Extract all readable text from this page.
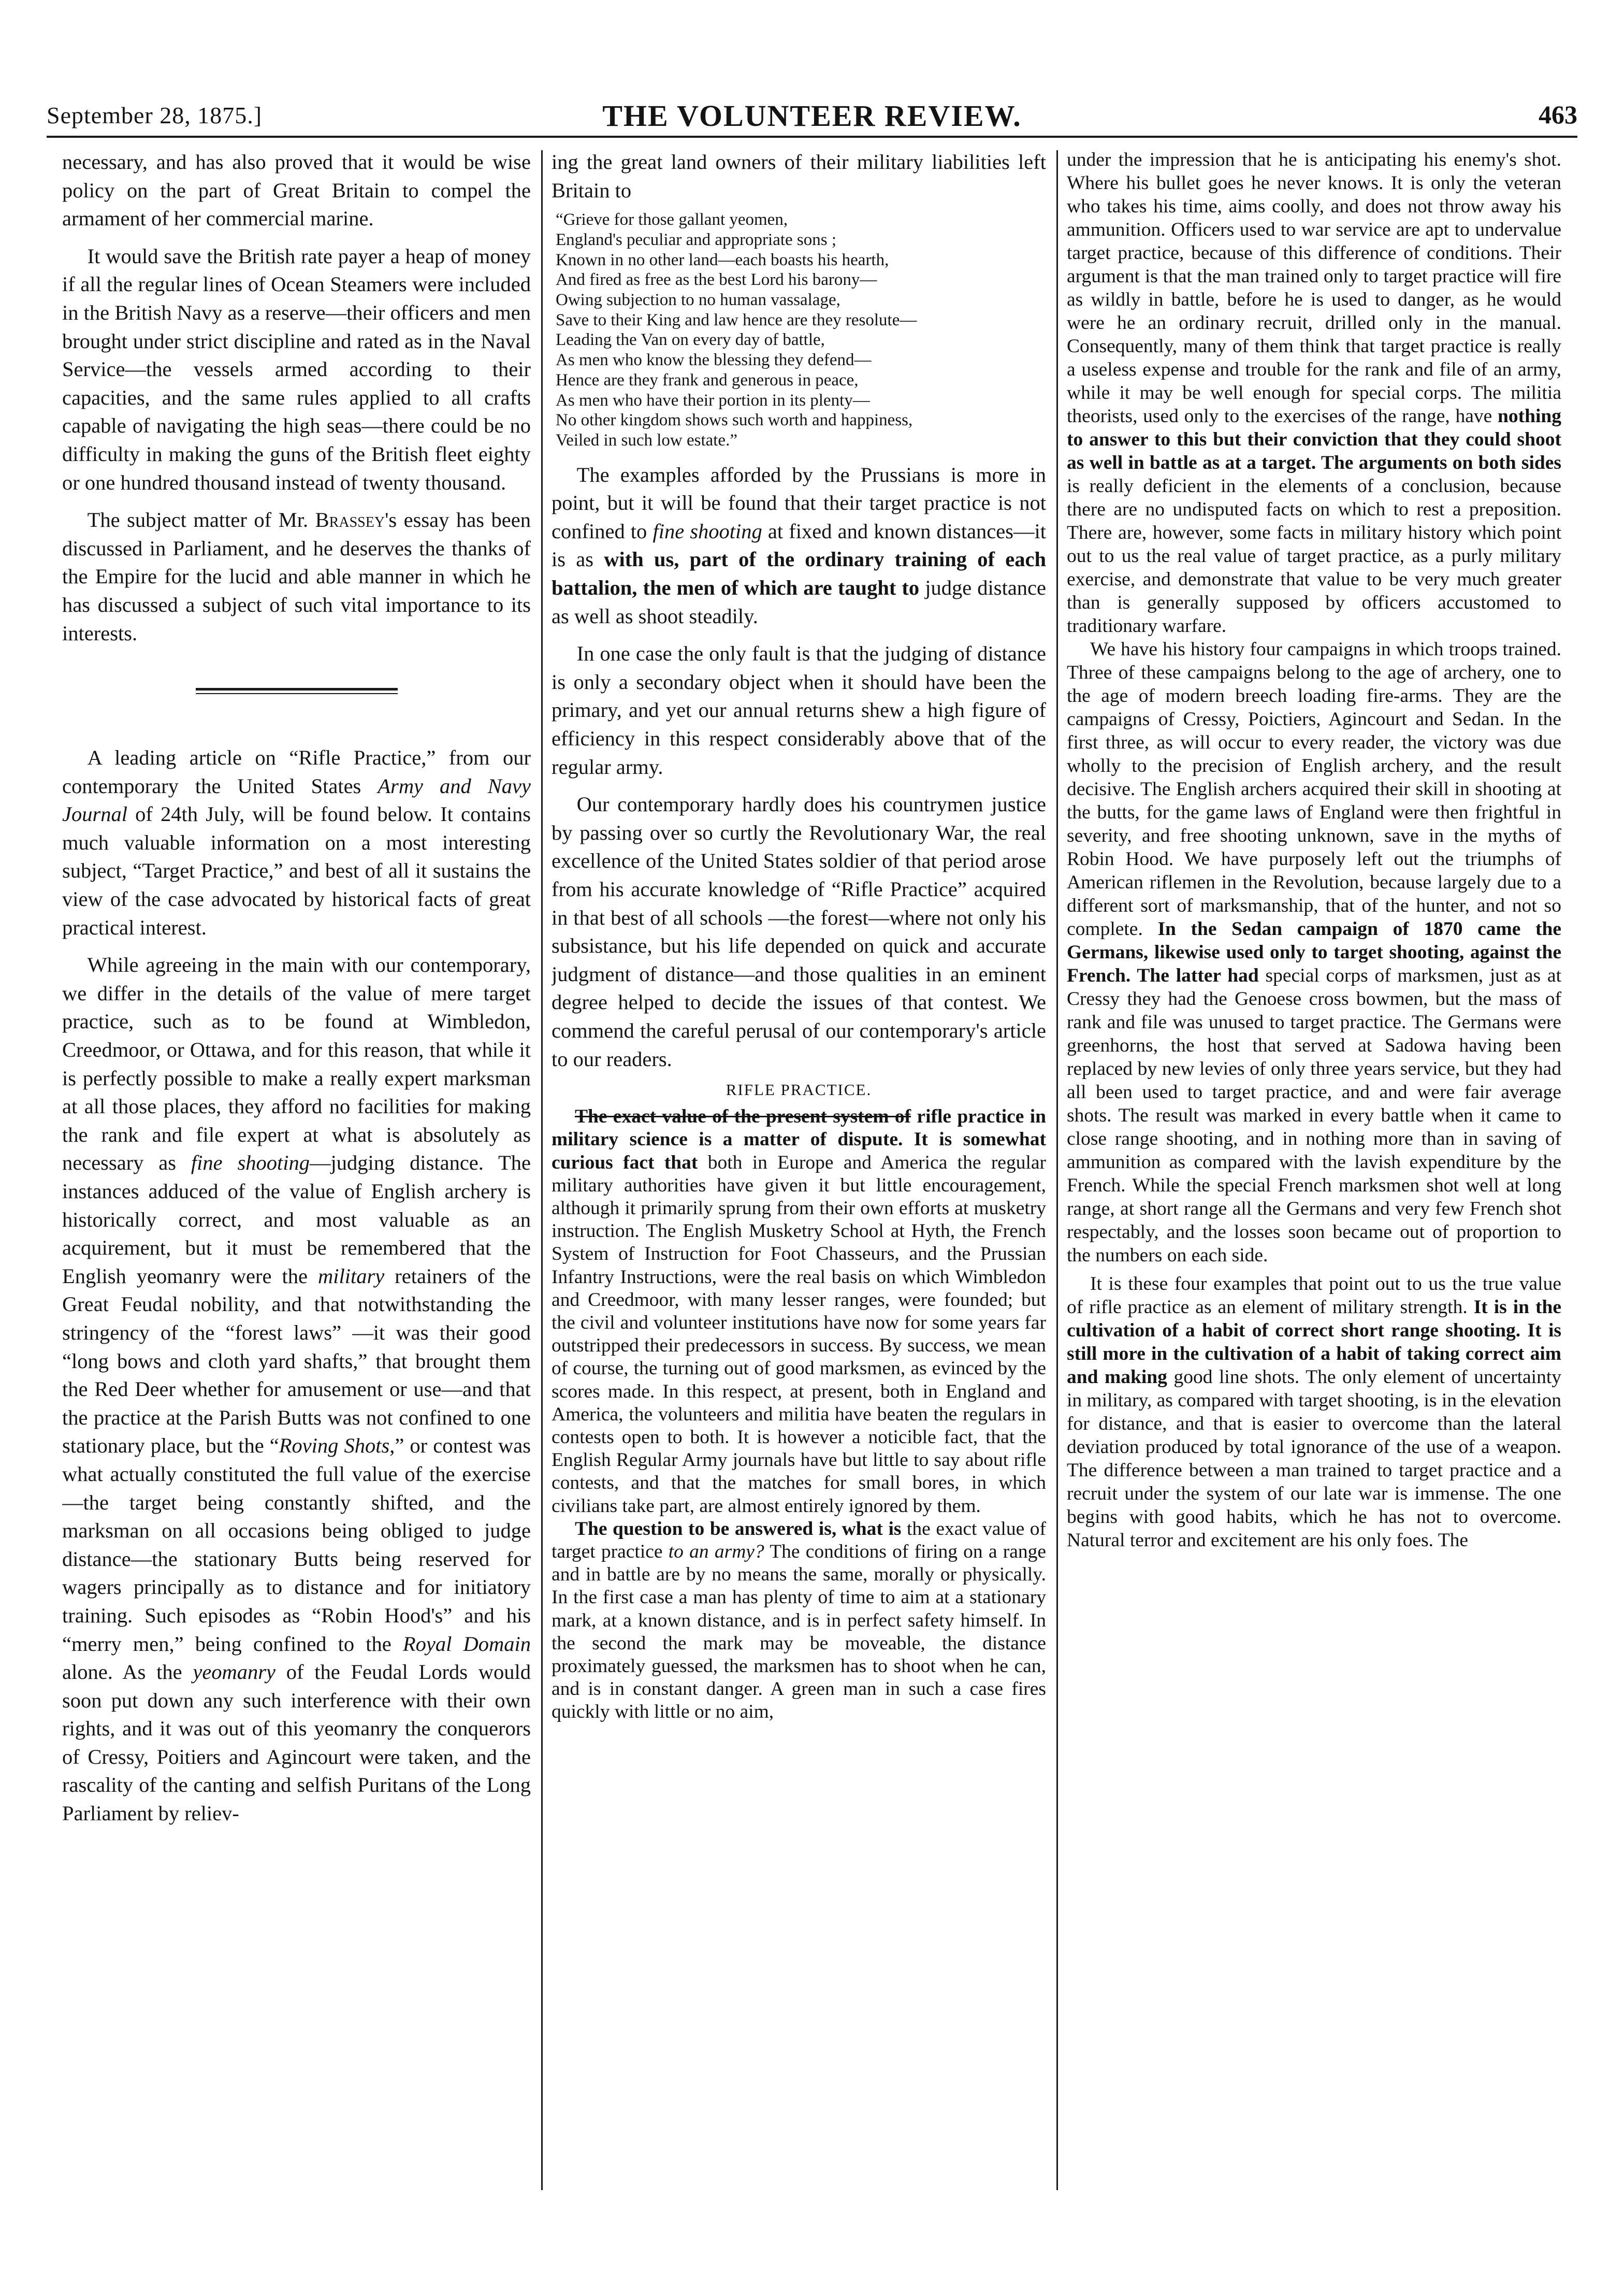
September 28, 1875.]	THE VOLUNTEER REVIEW.	463

necessary, and has also proved that it would be wise policy on the part of Great Britain to compel the armament of her commercial marine.

It would save the British rate payer a heap of money if all the regular lines of Ocean Steamers were included in the British Navy as a reserve—their officers and men brought under strict discipline and rated as in the Naval Service—the vessels armed according to their capacities, and the same rules applied to all crafts capable of navigating the high seas—there could be no difficulty in making the guns of the British fleet eighty or one hundred thousand instead of twenty thousand.

The subject matter of Mr. Brassey's essay has been discussed in Parliament, and he deserves the thanks of the Empire for the lucid and able manner in which he has discussed a subject of such vital importance to its interests.

A leading article on “Rifle Practice,” from our contemporary the United States Army and Navy Journal of 24th July, will be found below. It contains much valuable information on a most interesting subject, “Target Practice,” and best of all it sustains the view of the case advocated by historical facts of great practical interest.

While agreeing in the main with our contemporary, we differ in the details of the value of mere target practice, such as to be found at Wimbledon, Creedmoor, or Ottawa, and for this reason, that while it is perfectly possible to make a really expert marksman at all those places, they afford no facilities for making the rank and file expert at what is absolutely as necessary as fine shooting—judging distance. The instances adduced of the value of English archery is historically correct, and most valuable as an acquirement, but it must be remembered that the English yeomanry were the military retainers of the Great Feudal nobility, and that notwithstanding the stringency of the “forest laws” —it was their good “long bows and cloth yard shafts,” that brought them the Red Deer whether for amusement or use—and that the practice at the Parish Butts was not confined to one stationary place, but the “Roving Shots,” or contest was what actually constituted the full value of the exercise—the target being constantly shifted, and the marksman on all occasions being obliged to judge distance—the stationary Butts being reserved for wagers principally as to distance and for initiatory training. Such episodes as “Robin Hood's” and his “merry men,” being confined to the Royal Domain alone. As the yeomanry of the Feudal Lords would soon put down any such interference with their own rights, and it was out of this yeomanry the conquerors of Cressy, Poitiers and Agincourt were taken, and the rascality of the canting and selfish Puritans of the Long Parliament by reliev-

ing the great land owners of their military liabilities left Britain to

“Grieve for those gallant yeomen,
England's peculiar and appropriate sons ;
Known in no other land—each boasts his hearth,
And fired as free as the best Lord his barony—
Owing subjection to no human vassalage,
Save to their King and law hence are they resolute—
Leading the Van on every day of battle,
As men who know the blessing they defend—
Hence are they frank and generous in peace,
As men who have their portion in its plenty—
No other kingdom shows such worth and happiness,
Veiled in such low estate.”

The examples afforded by the Prussians is more in point, but it will be found that their target practice is not confined to fine shooting at fixed and known distances—it is as with us, part of the ordinary training of each battalion, the men of which are taught to judge distance as well as shoot steadily.

In one case the only fault is that the judging of distance is only a secondary object when it should have been the primary, and yet our annual returns shew a high figure of efficiency in this respect considerably above that of the regular army.

Our contemporary hardly does his countrymen justice by passing over so curtly the Revolutionary War, the real excellence of the United States soldier of that period arose from his accurate knowledge of “Rifle Practice” acquired in that best of all schools —the forest—where not only his subsistance, but his life depended on quick and accurate judgment of distance—and those qualities in an eminent degree helped to decide the issues of that contest. We commend the careful perusal of our contemporary's article to our readers.

RIFLE PRACTICE.

The exact value of the present system of rifle practice in military science is a matter of dispute. It is somewhat curious fact that both in Europe and America the regular military authorities have given it but little encouragement, although it primarily sprung from their own efforts at musketry instruction. The English Musketry School at Hyth, the French System of Instruction for Foot Chasseurs, and the Prussian Infantry Instructions, were the real basis on which Wimbledon and Creedmoor, with many lesser ranges, were founded; but the civil and volunteer institutions have now for some years far outstripped their predecessors in success. By success, we mean of course, the turning out of good marksmen, as evinced by the scores made. In this respect, at present, both in England and America, the volunteers and militia have beaten the regulars in contests open to both. It is however a noticible fact, that the English Regular Army journals have but little to say about rifle contests, and that the matches for small bores, in which civilians take part, are almost entirely ignored by them.

The question to be answered is, what is the exact value of target practice to an army? The conditions of firing on a range and in battle are by no means the same, morally or physically. In the first case a man has plenty of time to aim at a stationary mark, at a known distance, and is in perfect safety himself. In the second the mark may be moveable, the distance proximately guessed, the marksmen has to shoot when he can, and is in constant danger. A green man in such a case fires quickly with little or no aim,

under the impression that he is anticipating his enemy's shot. Where his bullet goes he never knows. It is only the veteran who takes his time, aims coolly, and does not throw away his ammunition. Officers used to war service are apt to undervalue target practice, because of this difference of conditions. Their argument is that the man trained only to target practice will fire as wildly in battle, before he is used to danger, as he would were he an ordinary recruit, drilled only in the manual. Consequently, many of them think that target practice is really a useless expense and trouble for the rank and file of an army, while it may be well enough for special corps. The militia theorists, used only to the exercises of the range, have nothing to answer to this but their conviction that they could shoot as well in battle as at a target. The arguments on both sides is really deficient in the elements of a conclusion, because there are no undisputed facts on which to rest a preposition. There are, however, some facts in military history which point out to us the real value of target practice, as a purly military exercise, and demonstrate that value to be very much greater than is generally supposed by officers accustomed to traditionary warfare.

We have his history four campaigns in which troops trained. Three of these campaigns belong to the age of archery, one to the age of modern breech loading fire-arms. They are the campaigns of Cressy, Poictiers, Agincourt and Sedan. In the first three, as will occur to every reader, the victory was due wholly to the precision of English archery, and the result decisive. The English archers acquired their skill in shooting at the butts, for the game laws of England were then frightful in severity, and free shooting unknown, save in the myths of Robin Hood. We have purposely left out the triumphs of American riflemen in the Revolution, because largely due to a different sort of marksmanship, that of the hunter, and not so complete. In the Sedan campaign of 1870 came the Germans, likewise used only to target shooting, against the French. The latter had special corps of marksmen, just as at Cressy they had the Genoese cross bowmen, but the mass of rank and file was unused to target practice. The Germans were greenhorns, the host that served at Sadowa having been replaced by new levies of only three years service, but they had all been used to target practice, and and were fair average shots. The result was marked in every battle when it came to close range shooting, and in nothing more than in saving of ammunition as compared with the lavish expenditure by the French. While the special French marksmen shot well at long range, at short range all the Germans and very few French shot respectably, and the losses soon became out of proportion to the numbers on each side.

It is these four examples that point out to us the true value of rifle practice as an element of military strength. It is in the cultivation of a habit of correct short range shooting. It is still more in the cultivation of a habit of taking correct aim and making good line shots. The only element of uncertainty in military, as compared with target shooting, is in the elevation for distance, and that is easier to overcome than the lateral deviation produced by total ignorance of the use of a weapon. The difference between a man trained to target practice and a recruit under the system of our late war is immense. The one begins with good habits, which he has not to overcome. Natural terror and excitement are his only foes. The
